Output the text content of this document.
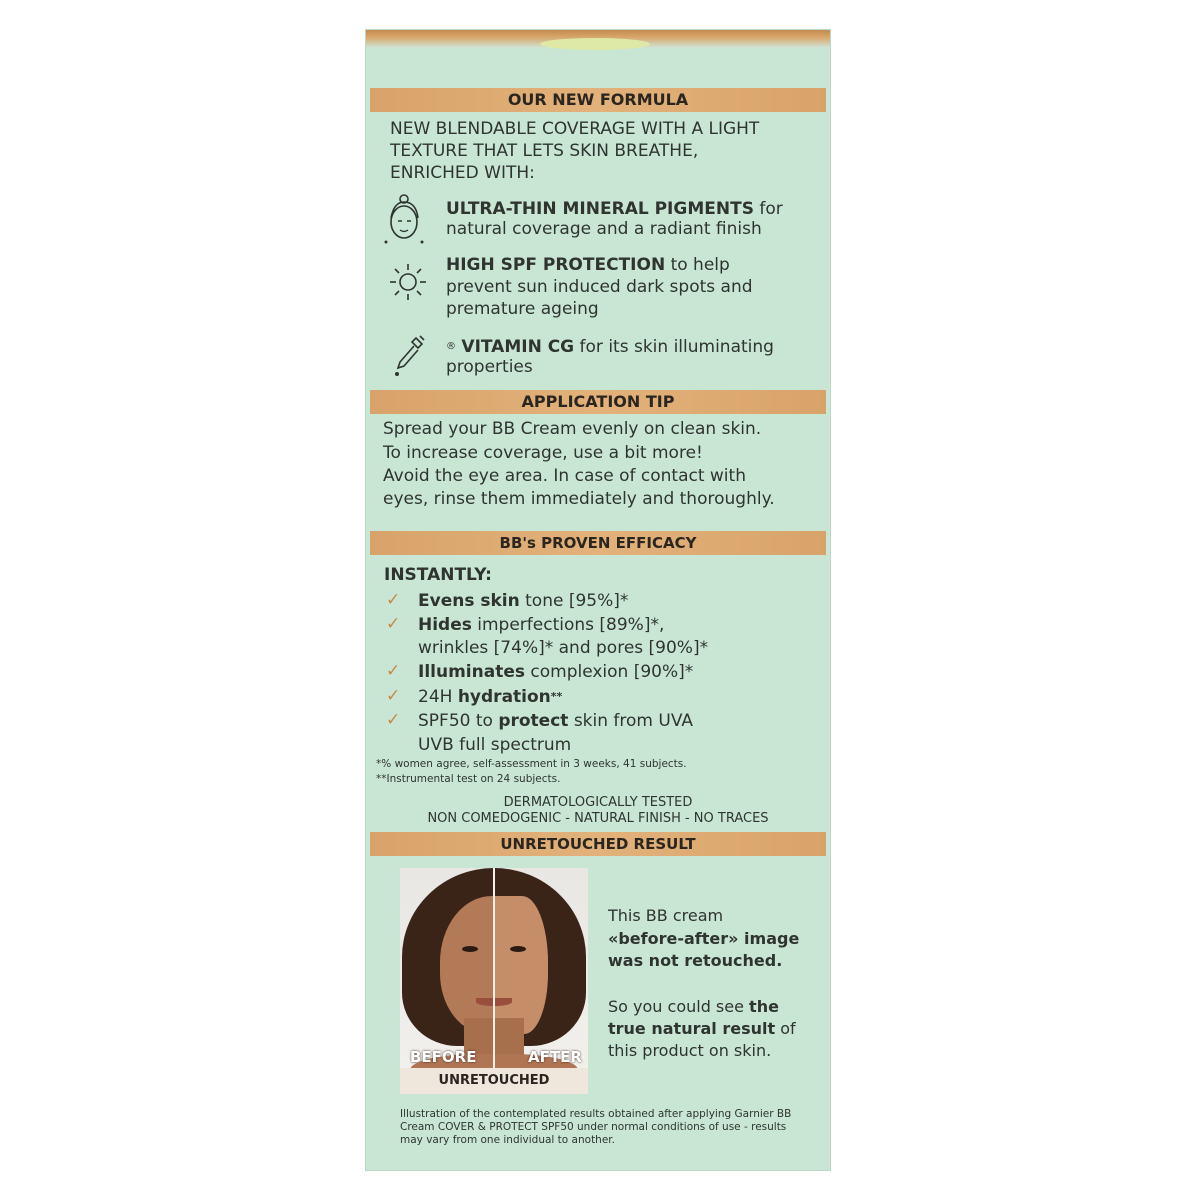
OUR NEW FORMULA
NEW BLENDABLE COVERAGE WITH A LIGHT
TEXTURE THAT LETS SKIN BREATHE,
ENRICHED WITH:
ULTRA-THIN MINERAL PIGMENTS for
natural coverage and a radiant finish
HIGH SPF PROTECTION to help
prevent sun induced dark spots and
premature ageing
® VITAMIN CG for its skin illuminating
properties
APPLICATION TIP
Spread your BB Cream evenly on clean skin.
To increase coverage, use a bit more!
Avoid the eye area. In case of contact with
eyes, rinse them immediately and thoroughly.
BB's PROVEN EFFICACY
INSTANTLY:
✓ Evens skin tone [95%]*
✓ Hides imperfections [89%]*,
wrinkles [74%]* and pores [90%]*
✓ Illuminates complexion [90%]*
✓ 24H hydration**
✓ SPF50 to protect skin from UVA
UVB full spectrum
*% women agree, self-assessment in 3 weeks, 41 subjects.
**Instrumental test on 24 subjects.
DERMATOLOGICALLY TESTED
NON COMEDOGENIC - NATURAL FINISH - NO TRACES
UNRETOUCHED RESULT
BEFORE	AFTER
UNRETOUCHED
This BB cream
«before-after» image
was not retouched.
So you could see the
true natural result of
this product on skin.
Illustration of the contemplated results obtained after applying Garnier BB
Cream COVER & PROTECT SPF50 under normal conditions of use - results
may vary from one individual to another.
